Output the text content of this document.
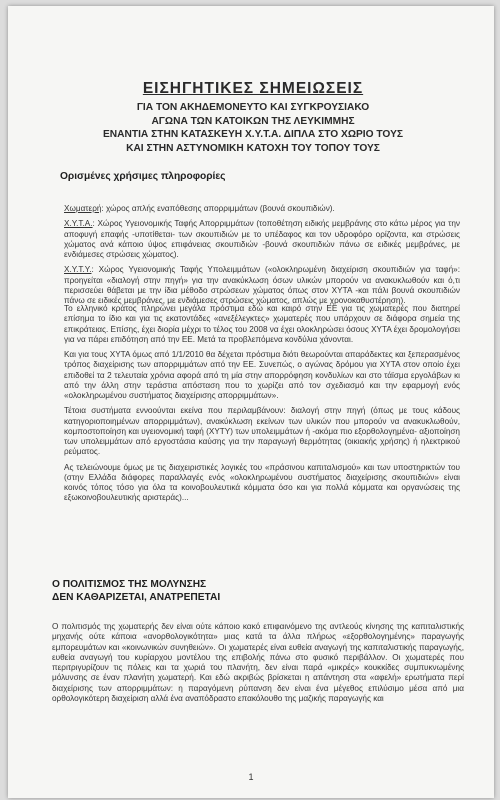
ΕΙΣΗΓΗΤΙΚΕΣ ΣΗΜΕΙΩΣΕΙΣ
ΓΙΑ ΤΟΝ ΑΚΗΔΕΜΟΝΕΥΤΟ ΚΑΙ ΣΥΓΚΡΟΥΣΙΑΚΟ
ΑΓΩΝΑ ΤΩΝ ΚΑΤΟΙΚΩΝ ΤΗΣ ΛΕΥΚΙΜΜΗΣ
ΕΝΑΝΤΙΑ ΣΤΗΝ ΚΑΤΑΣΚΕΥΗ Χ.Υ.Τ.Α. ΔΙΠΛΑ ΣΤΟ ΧΩΡΙΟ ΤΟΥΣ
ΚΑΙ ΣΤΗΝ ΑΣΤΥΝΟΜΙΚΗ ΚΑΤΟΧΗ ΤΟΥ ΤΟΠΟΥ ΤΟΥΣ
Ορισμένες χρήσιμες πληροφορίες

Χωματερή: χώρος απλής εναπόθεσης απορριμμάτων (βουνά σκουπιδιών).

Χ.Υ.Τ.Α.: Χώρος Υγειονομικής Ταφής Απορριμμάτων (τοποθέτηση ειδικής μεμβράνης στο κάτω μέρος για την αποφυγή επαφής -υποτίθεται- των σκουπιδιών με το υπέδαφος και τον υδροφόρο ορίζοντα, και στρώσεις χώματος ανά κάποιο ύψος επιφάνειας σκουπιδιών -βουνά σκουπιδιών πάνω σε ειδικές μεμβράνες, με ενδιάμεσες στρώσεις χώματος).

Χ.Υ.Τ.Υ.: Χώρος Υγειονομικής Ταφής Υπολειμμάτων («ολοκληρωμένη διαχείριση σκουπιδιών για ταφή»: προηγείται «διαλογή στην πηγή» για την ανακύκλωση όσων υλικών μπορούν να ανακυκλωθούν και ό,τι περισσεύει θάβεται με την ίδια μέθοδο στρώσεων χώματος όπως στον ΧΥΤΑ -και πάλι βουνά σκουπιδιών πάνω σε ειδικές μεμβράνες, με ενδιάμεσες στρώσεις χώματος, απλώς με χρονοκαθυστέρηση).

Το ελληνικό κράτος πληρώνει μεγάλα πρόστιμα εδώ και καιρό στην ΕΕ για τις χωματερές που διατηρεί επίσημα το ίδιο και για τις εκατοντάδες «ανεξέλεγκτες» χωματερές που υπάρχουν σε διάφορα σημεία της επικράτειας. Επίσης, έχει διορία μέχρι το τέλος του 2008 να έχει ολοκληρώσει όσους ΧΥΤΑ έχει δρομολογήσει για να πάρει επιδότηση από την ΕΕ. Μετά τα προβλεπόμενα κονδύλια χάνονται.

Και για τους ΧΥΤΑ όμως από 1/1/2010 θα δέχεται πρόστιμα διότι θεωρούνται απαράδεκτες και ξεπερασμένος τρόπος διαχείρισης των απορριμμάτων από την ΕΕ. Συνεπώς, ο αγώνας δρόμου για ΧΥΤΑ στον οποίο έχει επιδοθεί τα 2 τελευταία χρόνια αφορά από τη μία στην απορρόφηση κονδυλίων και στο τάϊσμα εργολάβων κι από την άλλη στην τεράστια απόσταση που το χωρίζει από τον σχεδιασμό και την εφαρμογή ενός «ολοκληρωμένου συστήματος διαχείρισης απορριμμάτων».

Τέτοια συστήματα εννοούνται εκείνα που περιλαμβάνουν: διαλογή στην πηγή (όπως με τους κάδους κατηγοριοποιημένων απορριμμάτων), ανακύκλωση εκείνων των υλικών που μπορούν να ανακυκλωθούν, κομποστοποίηση και υγειονομική ταφή (ΧΥΤΥ) των υπολειμμάτων ή -ακόμα πιο εξορθολογημένα- αξιοποίηση των υπολειμμάτων από εργοστάσια καύσης για την παραγωγή θερμότητας (οικιακής χρήσης) ή ηλεκτρικού ρεύματος.

Ας τελειώνουμε όμως με τις διαχειριστικές λογικές του «πράσινου καπιταλισμού» και των υποστηρικτών του (στην Ελλάδα διάφορες παραλλαγές ενός «ολοκληρωμένου συστήματος διαχείρισης σκουπιδιών» είναι κοινός τόπος τόσο για όλα τα κοινοβουλευτικά κόμματα όσο και για πολλά κόμματα και οργανώσεις της εξωκοινοβουλευτικής αριστεράς)...

Ο ΠΟΛΙΤΙΣΜΟΣ ΤΗΣ ΜΟΛΥΝΣΗΣ
ΔΕΝ ΚΑΘΑΡΙΖΕΤΑΙ, ΑΝΑΤΡΕΠΕΤΑΙ

Ο πολιτισμός της χωματερής δεν είναι ούτε κάποιο κακό επιφαινόμενο της αντλεούς κίνησης της καπιταλιστικής μηχανής ούτε κάποια «ανορθολογικότητα» μιας κατά τα άλλα πλήρως «εξορθολογημένης» παραγωγής εμπορευμάτων και «κοινωνικών συνηθειών». Οι χωματερές είναι ευθεία αναγωγή της καπιταλιστικής παραγωγής, ευθεία αναγωγή του κυρίαρχου μοντέλου της επιβολής πάνω στο φυσικό περιβάλλον. Οι χωματερές που περιτριγυρίζουν τις πόλεις και τα χωριά του πλανήτη, δεν είναι παρά «μικρές» κουκκίδες συμπυκνωμένης μόλυνσης σε έναν πλανήτη χωματερή. Και εδώ ακριβώς βρίσκεται η απάντηση στα «αφελή» ερωτήματα περί διαχείρισης των απορριμμάτων: η παραγόμενη ρύπανση δεν είναι ένα μέγεθος επιλύσιμο μέσα από μια ορθολογικότερη διαχείριση αλλά ένα αναπόδραστο επακόλουθο της μαζικής παραγωγής και

1
